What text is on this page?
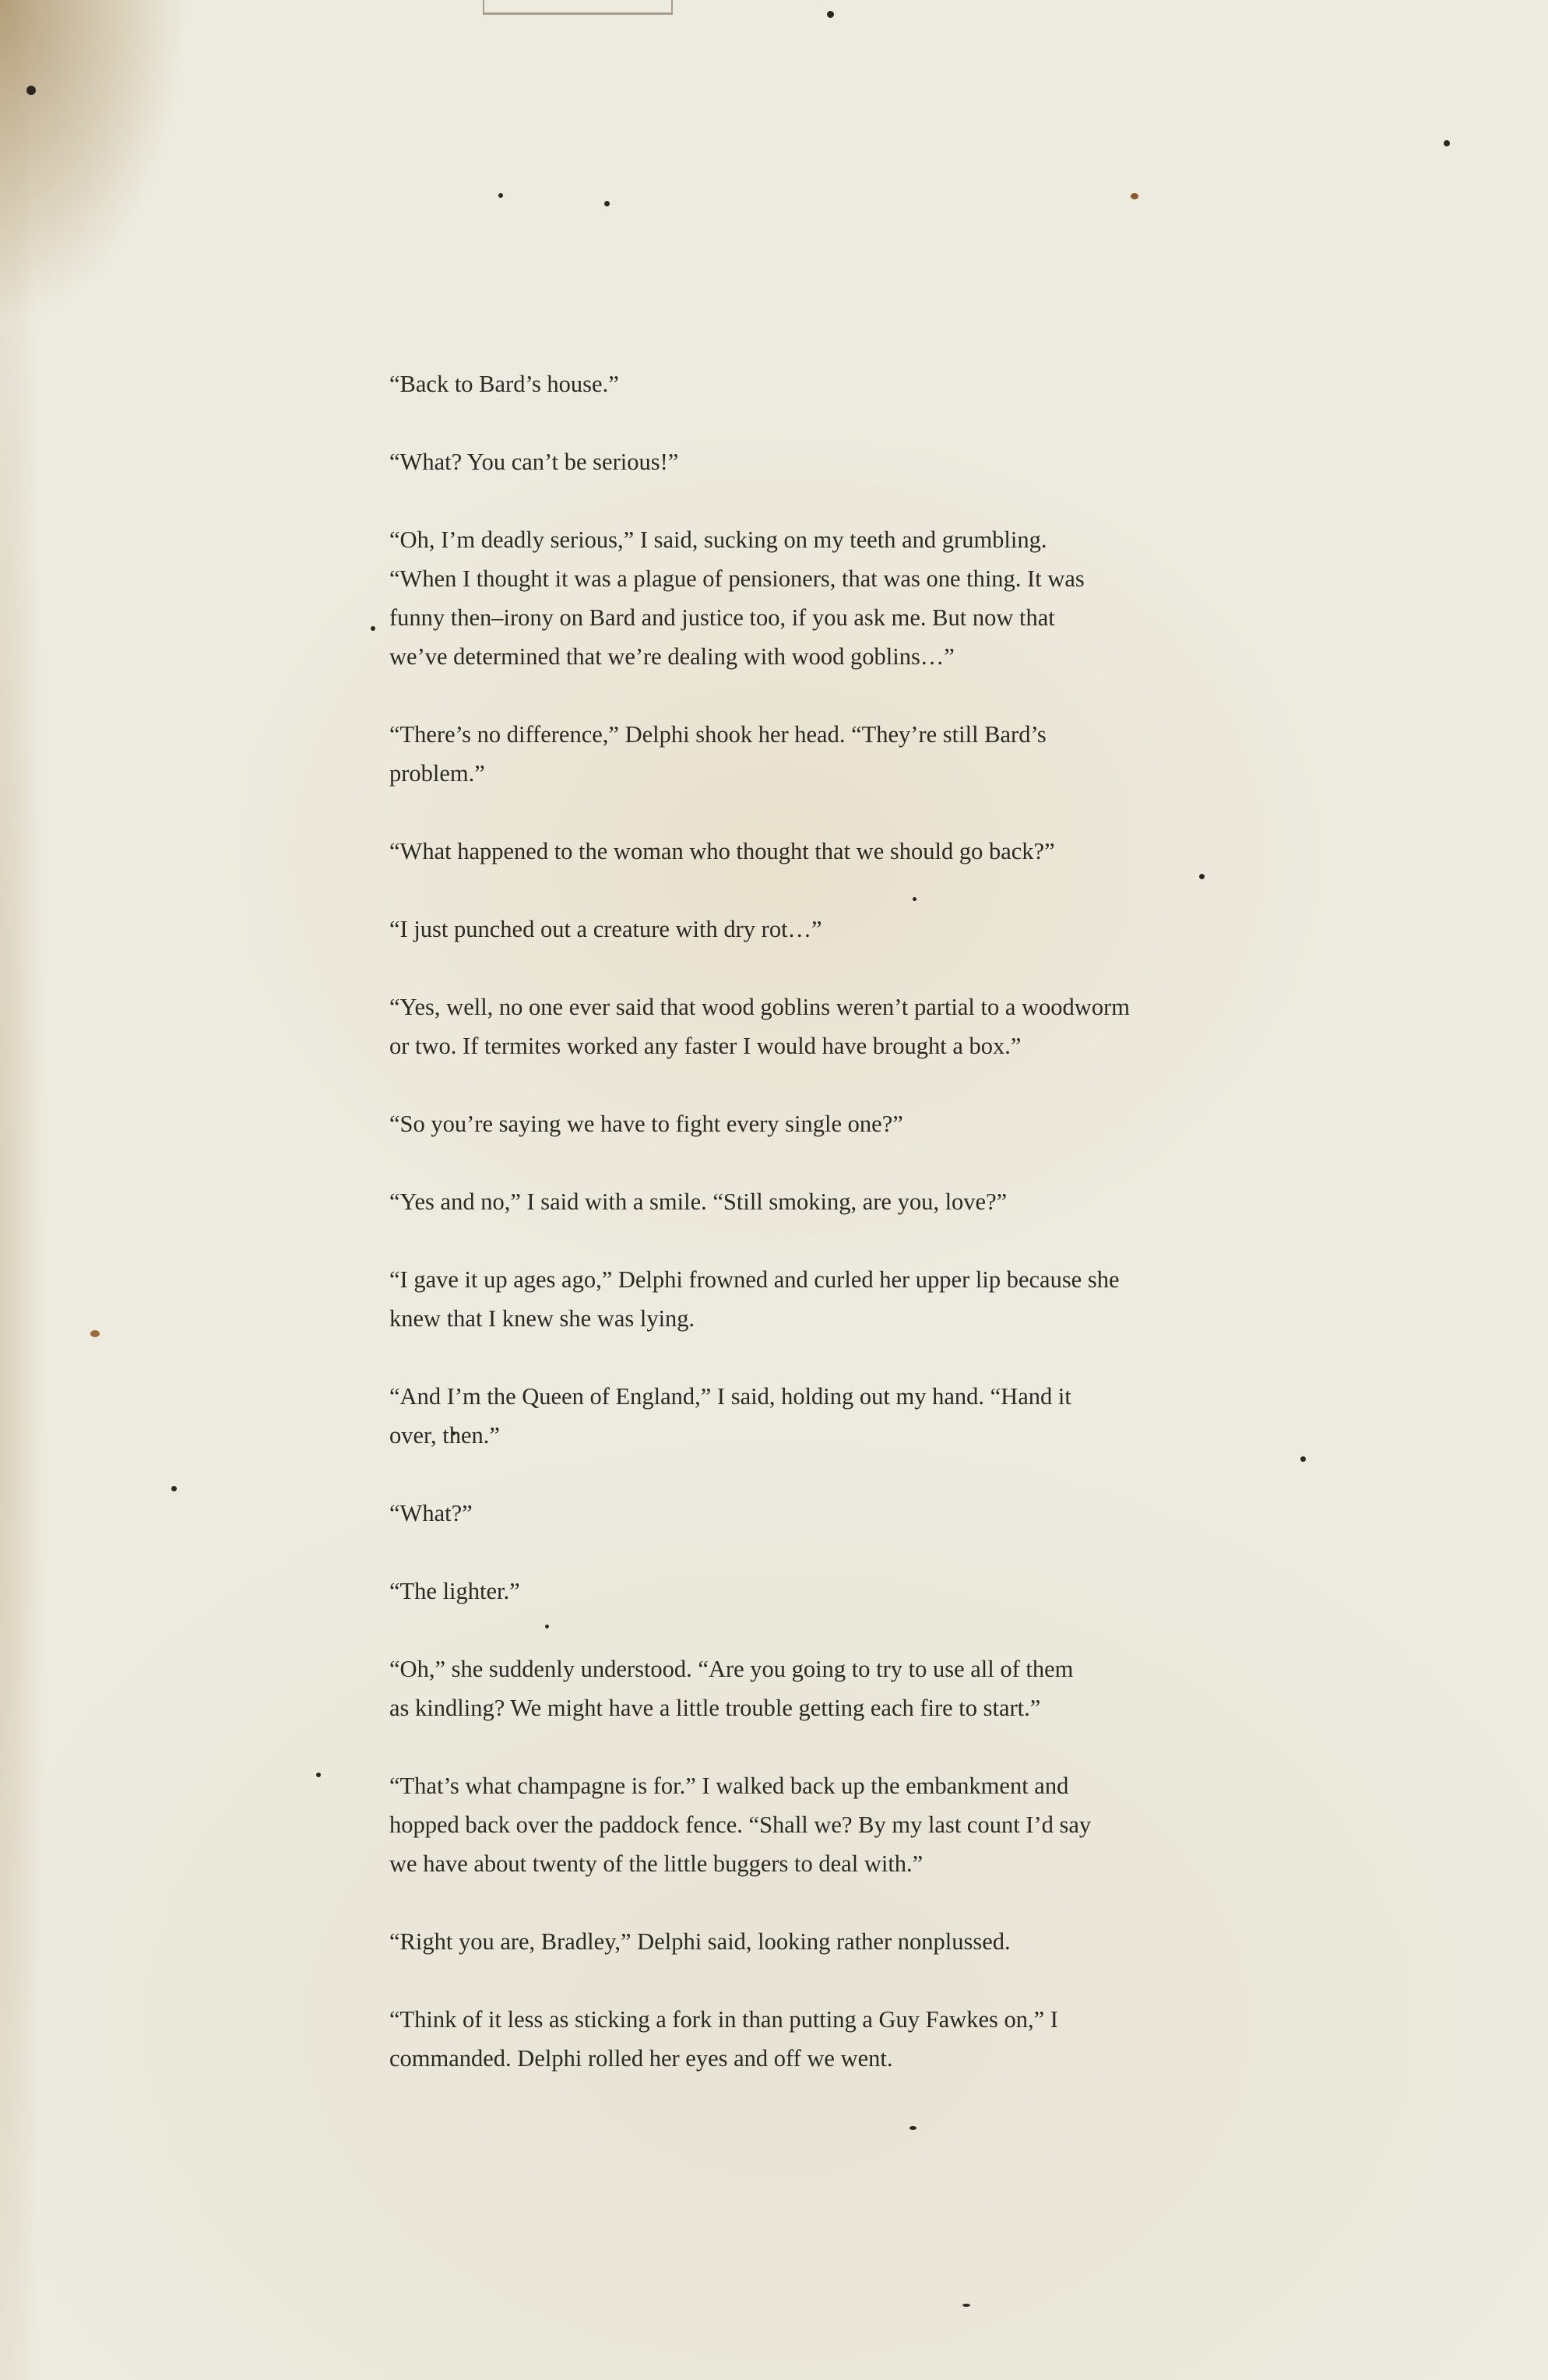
“Back to Bard’s house.”

“What? You can’t be serious!”

“Oh, I’m deadly serious,” I said, sucking on my teeth and grumbling.
“When I thought it was a plague of pensioners, that was one thing. It was
funny then–irony on Bard and justice too, if you ask me. But now that
we’ve determined that we’re dealing with wood goblins…”

“There’s no difference,” Delphi shook her head. “They’re still Bard’s
problem.”

“What happened to the woman who thought that we should go back?”

“I just punched out a creature with dry rot…”

“Yes, well, no one ever said that wood goblins weren’t partial to a woodworm
or two. If termites worked any faster I would have brought a box.”

“So you’re saying we have to fight every single one?”

“Yes and no,” I said with a smile. “Still smoking, are you, love?”

“I gave it up ages ago,” Delphi frowned and curled her upper lip because she
knew that I knew she was lying.

“And I’m the Queen of England,” I said, holding out my hand. “Hand it
over, then.”

“What?”

“The lighter.”

“Oh,” she suddenly understood. “Are you going to try to use all of them
as kindling? We might have a little trouble getting each fire to start.”

“That’s what champagne is for.” I walked back up the embankment and
hopped back over the paddock fence. “Shall we? By my last count I’d say
we have about twenty of the little buggers to deal with.”

“Right you are, Bradley,” Delphi said, looking rather nonplussed.

“Think of it less as sticking a fork in than putting a Guy Fawkes on,” I
commanded. Delphi rolled her eyes and off we went.
